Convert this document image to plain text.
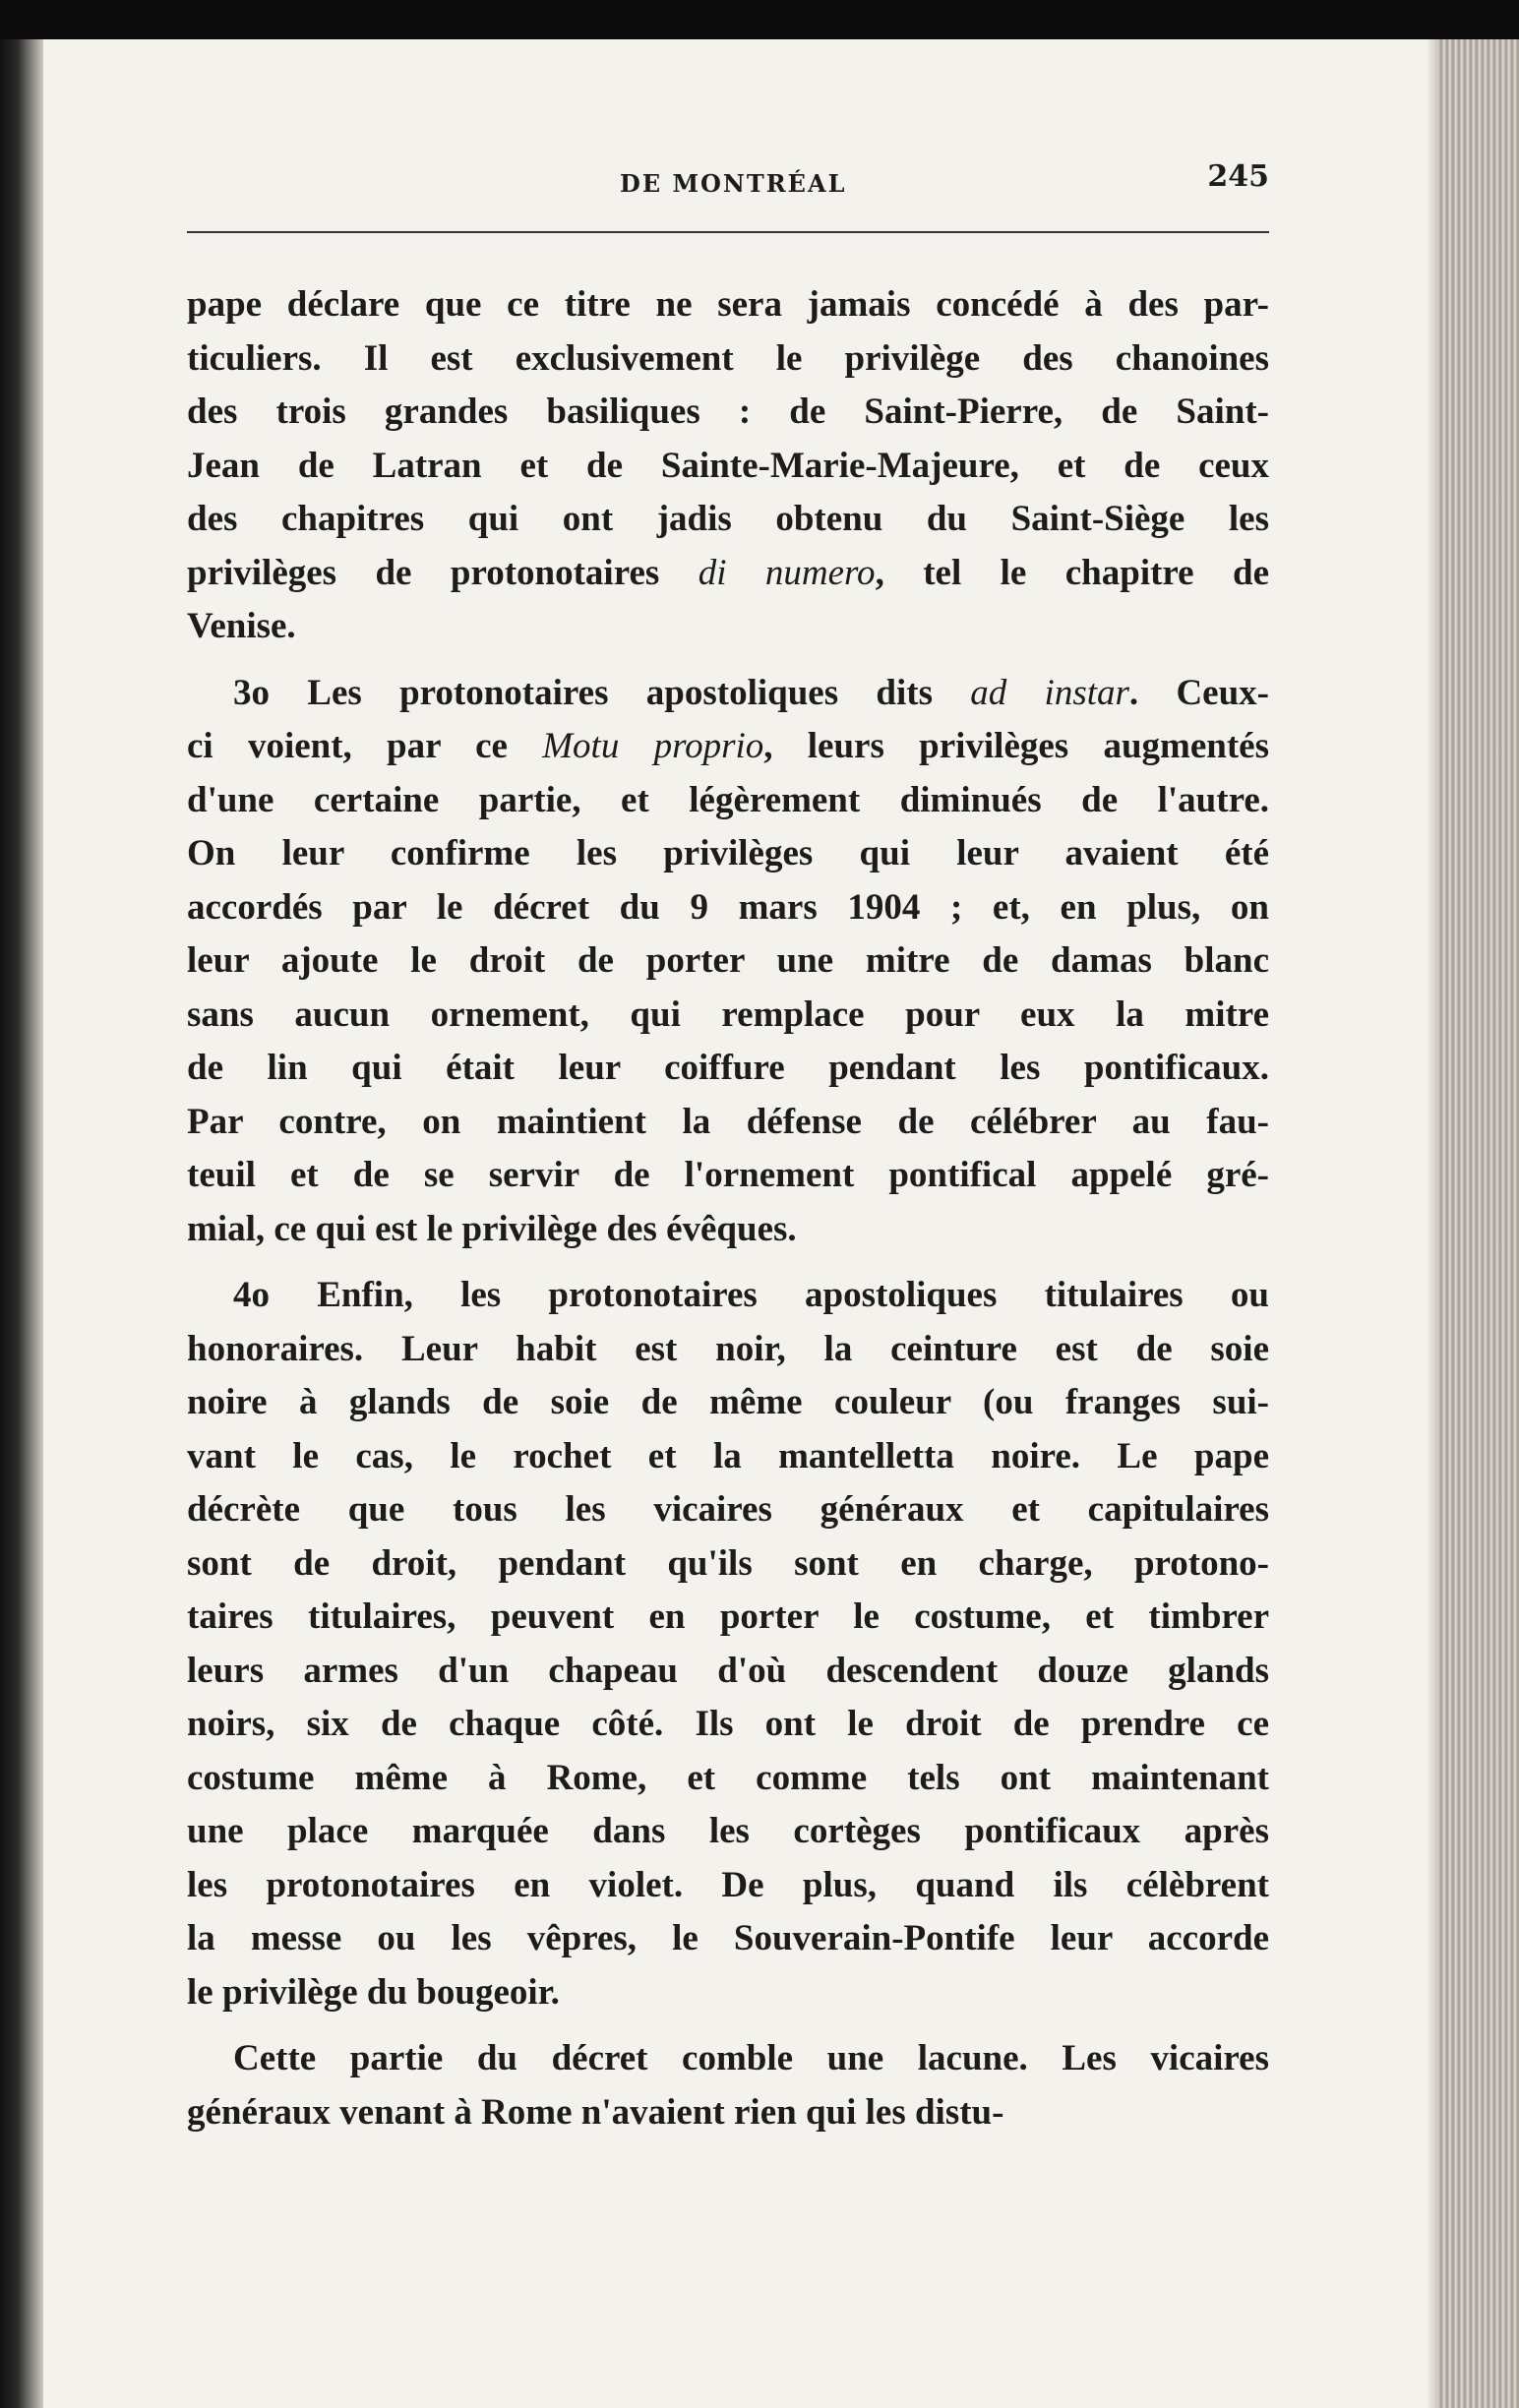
DE MONTRÉAL	245
pape déclare que ce titre ne sera jamais concédé à des par-
ticuliers. Il est exclusivement le privilège des chanoines
des trois grandes basiliques : de Saint-Pierre, de Saint-
Jean de Latran et de Sainte-Marie-Majeure, et de ceux
des chapitres qui ont jadis obtenu du Saint-Siège les
privilèges de protonotaires di numero, tel le chapitre de
Venise.
3o Les protonotaires apostoliques dits ad instar. Ceux-
ci voient, par ce Motu proprio, leurs privilèges augmentés
d'une certaine partie, et légèrement diminués de l'autre.
On leur confirme les privilèges qui leur avaient été
accordés par le décret du 9 mars 1904 ; et, en plus, on
leur ajoute le droit de porter une mitre de damas blanc
sans aucun ornement, qui remplace pour eux la mitre
de lin qui était leur coiffure pendant les pontificaux.
Par contre, on maintient la défense de célébrer au fau-
teuil et de se servir de l'ornement pontifical appelé gré-
mial, ce qui est le privilège des évêques.
4o Enfin, les protonotaires apostoliques titulaires ou
honoraires. Leur habit est noir, la ceinture est de soie
noire à glands de soie de même couleur (ou franges sui-
vant le cas, le rochet et la mantelletta noire. Le pape
décrète que tous les vicaires généraux et capitulaires
sont de droit, pendant qu'ils sont en charge, protono-
taires titulaires, peuvent en porter le costume, et timbrer
leurs armes d'un chapeau d'où descendent douze glands
noirs, six de chaque côté. Ils ont le droit de prendre ce
costume même à Rome, et comme tels ont maintenant
une place marquée dans les cortèges pontificaux après
les protonotaires en violet. De plus, quand ils célèbrent
la messe ou les vêpres, le Souverain-Pontife leur accorde
le privilège du bougeoir.
Cette partie du décret comble une lacune. Les vicaires
généraux venant à Rome n'avaient rien qui les distu-
